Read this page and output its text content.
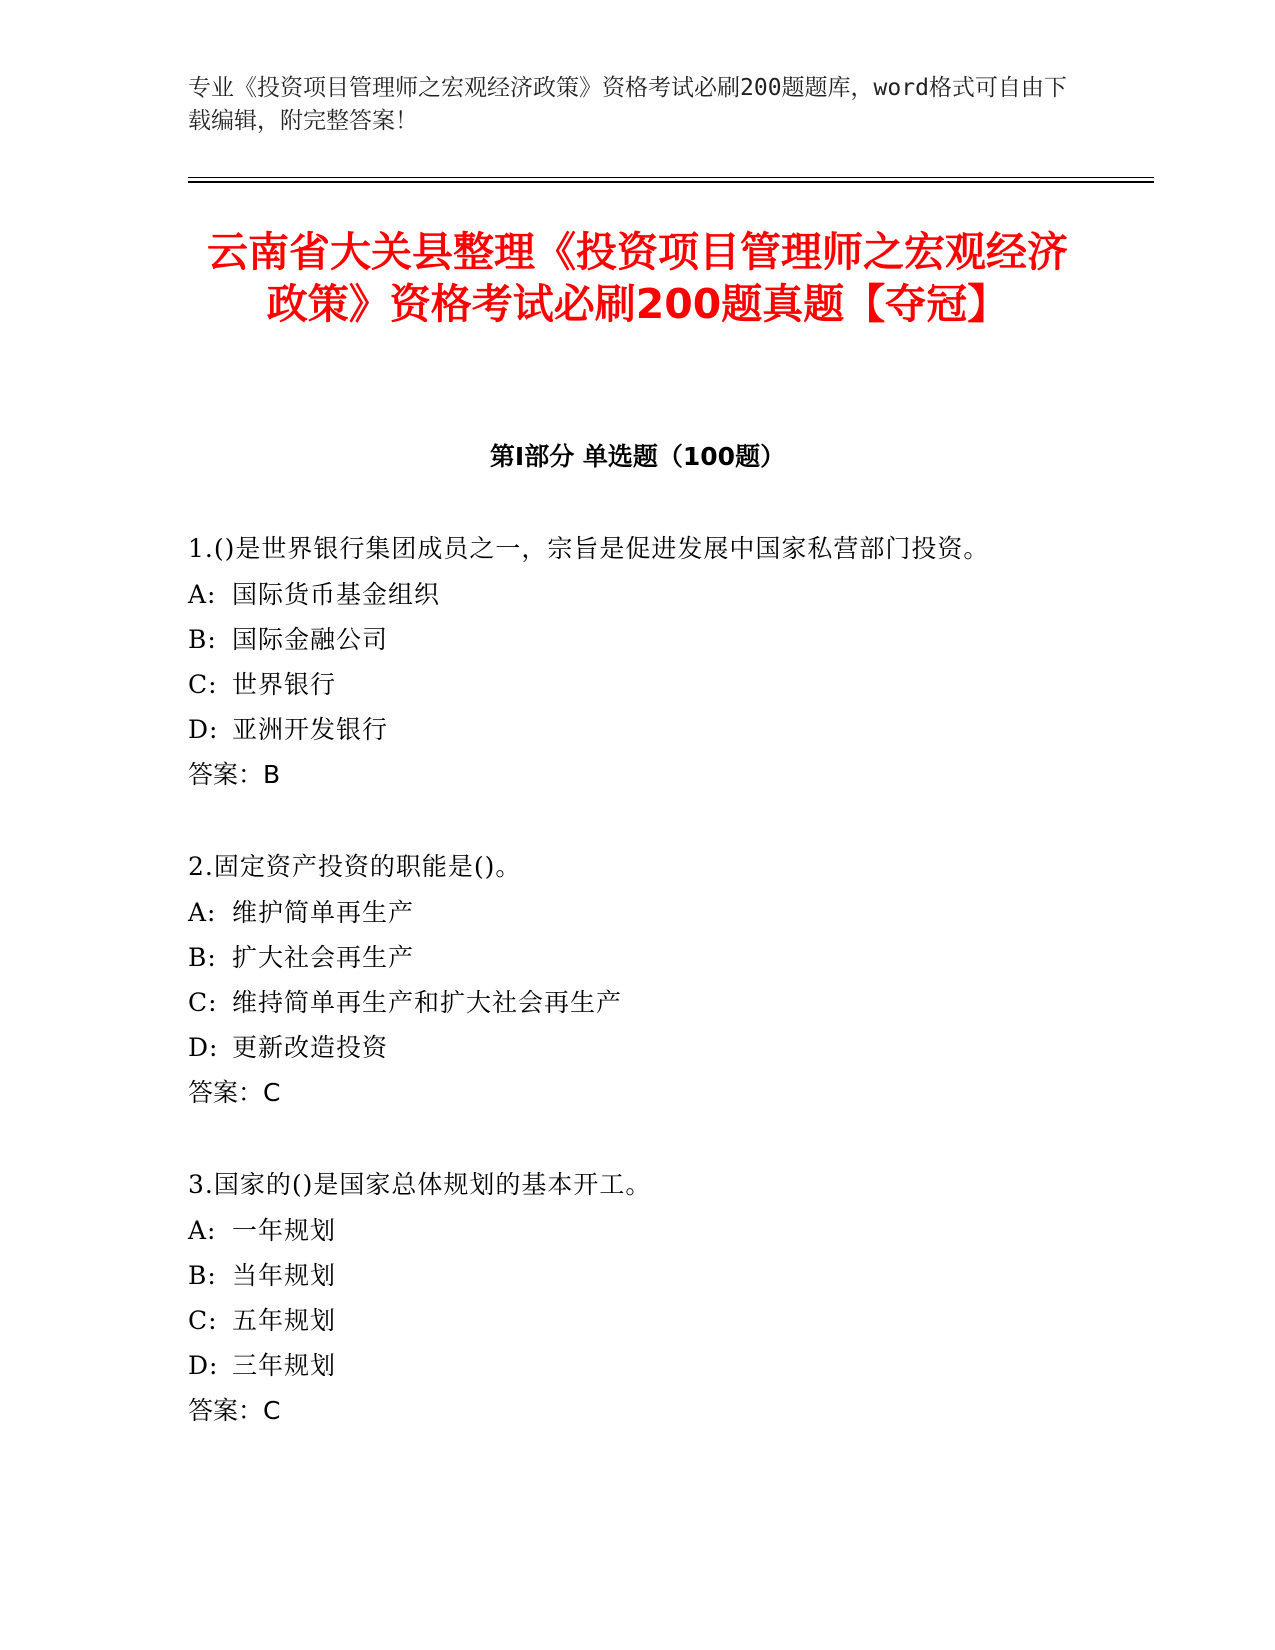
专业《投资项目管理师之宏观经济政策》资格考试必刷200题题库，word格式可自由下载编辑，附完整答案！
云南省大关县整理《投资项目管理师之宏观经济政策》资格考试必刷200题真题【夺冠】
第I部分 单选题（100题）
1.()是世界银行集团成员之一，宗旨是促进发展中国家私营部门投资。
A: 国际货币基金组织
B: 国际金融公司
C: 世界银行
D: 亚洲开发银行
答案：B
2.固定资产投资的职能是()。
A: 维护简单再生产
B: 扩大社会再生产
C: 维持简单再生产和扩大社会再生产
D: 更新改造投资
答案：C
3.国家的()是国家总体规划的基本开工。
A: 一年规划
B: 当年规划
C: 五年规划
D: 三年规划
答案：C
